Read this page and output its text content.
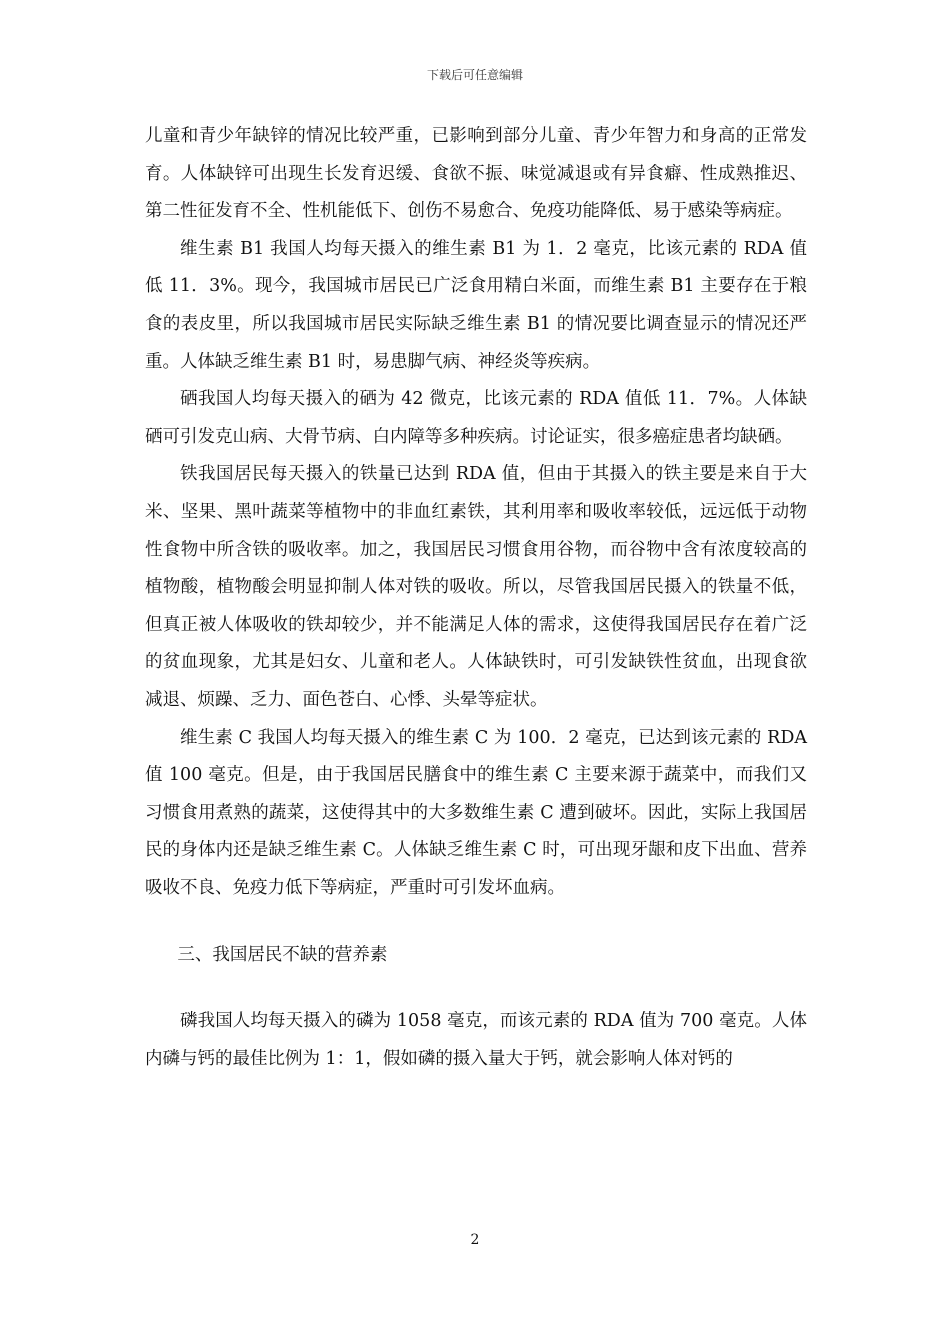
下载后可任意编辑

儿童和青少年缺锌的情况比较严重，已影响到部分儿童、青少年智力和身高的正常发育。人体缺锌可出现生长发育迟缓、食欲不振、味觉减退或有异食癖、性成熟推迟、第二性征发育不全、性机能低下、创伤不易愈合、免疫功能降低、易于感染等病症。

维生素 B1 我国人均每天摄入的维生素 B1 为 1．2 毫克，比该元素的 RDA 值低 11．3%。现今，我国城市居民已广泛食用精白米面，而维生素 B1 主要存在于粮食的表皮里，所以我国城市居民实际缺乏维生素 B1 的情况要比调查显示的情况还严重。人体缺乏维生素 B1 时，易患脚气病、神经炎等疾病。

硒我国人均每天摄入的硒为 42 微克，比该元素的 RDA 值低 11．7%。人体缺硒可引发克山病、大骨节病、白内障等多种疾病。讨论证实，很多癌症患者均缺硒。

铁我国居民每天摄入的铁量已达到 RDA 值，但由于其摄入的铁主要是来自于大米、坚果、黑叶蔬菜等植物中的非血红素铁，其利用率和吸收率较低，远远低于动物性食物中所含铁的吸收率。加之，我国居民习惯食用谷物，而谷物中含有浓度较高的植物酸，植物酸会明显抑制人体对铁的吸收。所以，尽管我国居民摄入的铁量不低，但真正被人体吸收的铁却较少，并不能满足人体的需求，这使得我国居民存在着广泛的贫血现象，尤其是妇女、儿童和老人。人体缺铁时，可引发缺铁性贫血，出现食欲减退、烦躁、乏力、面色苍白、心悸、头晕等症状。

维生素 C 我国人均每天摄入的维生素 C 为 100．2 毫克，已达到该元素的 RDA 值 100 毫克。但是，由于我国居民膳食中的维生素 C 主要来源于蔬菜中，而我们又习惯食用煮熟的蔬菜，这使得其中的大多数维生素 C 遭到破坏。因此，实际上我国居民的身体内还是缺乏维生素 C。人体缺乏维生素 C 时，可出现牙龈和皮下出血、营养吸收不良、免疫力低下等病症，严重时可引发坏血病。

三、我国居民不缺的营养素

磷我国人均每天摄入的磷为 1058 毫克，而该元素的 RDA 值为 700 毫克。人体内磷与钙的最佳比例为 1：1，假如磷的摄入量大于钙，就会影响人体对钙的

2
